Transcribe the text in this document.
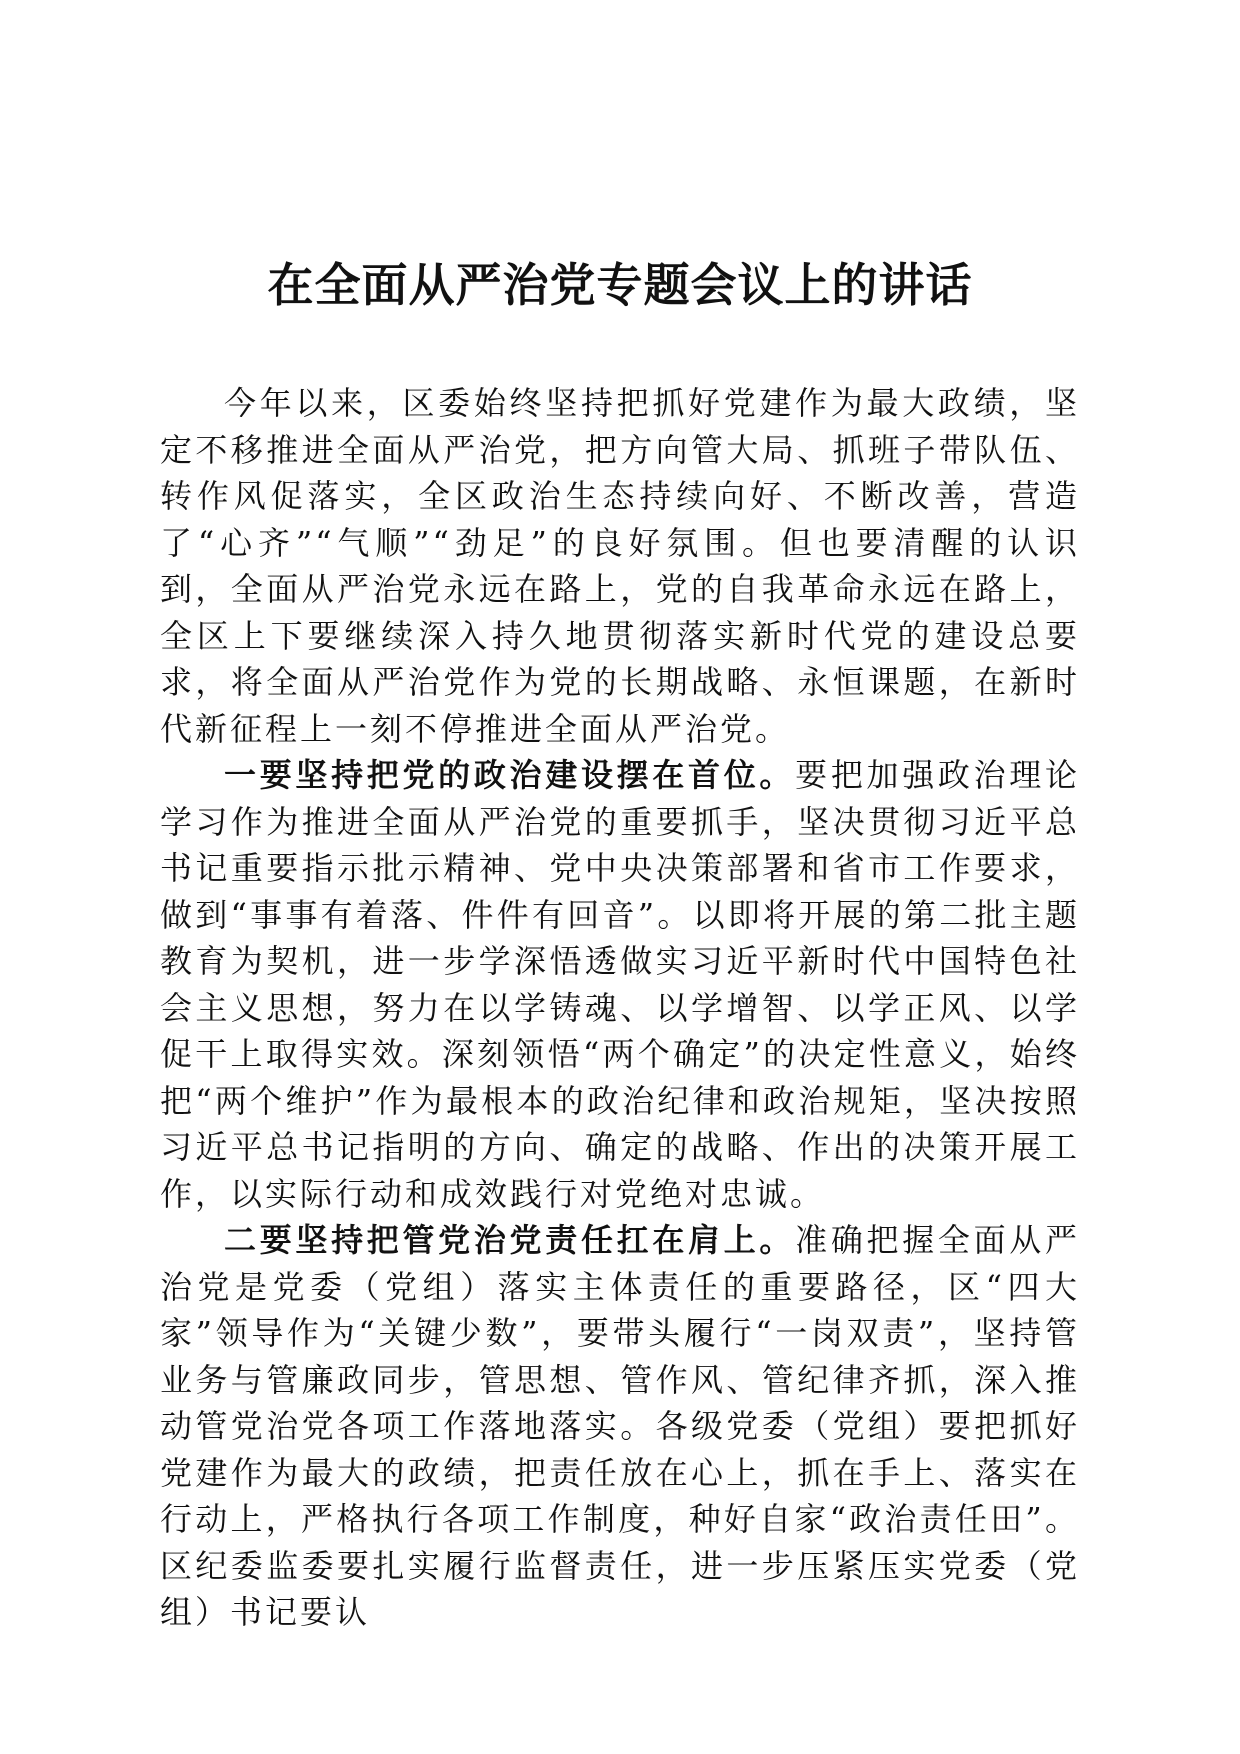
在全面从严治党专题会议上的讲话

今年以来，区委始终坚持把抓好党建作为最大政绩，坚定不移推进全面从严治党，把方向管大局、抓班子带队伍、转作风促落实，全区政治生态持续向好、不断改善，营造了“心齐”“气顺”“劲足”的良好氛围。但也要清醒的认识到，全面从严治党永远在路上，党的自我革命永远在路上，全区上下要继续深入持久地贯彻落实新时代党的建设总要求，将全面从严治党作为党的长期战略、永恒课题，在新时代新征程上一刻不停推进全面从严治党。

一要坚持把党的政治建设摆在首位。要把加强政治理论学习作为推进全面从严治党的重要抓手，坚决贯彻习近平总书记重要指示批示精神、党中央决策部署和省市工作要求，做到“事事有着落、件件有回音”。以即将开展的第二批主题教育为契机，进一步学深悟透做实习近平新时代中国特色社会主义思想，努力在以学铸魂、以学增智、以学正风、以学促干上取得实效。深刻领悟“两个确定”的决定性意义，始终把“两个维护”作为最根本的政治纪律和政治规矩，坚决按照习近平总书记指明的方向、确定的战略、作出的决策开展工作，以实际行动和成效践行对党绝对忠诚。

二要坚持把管党治党责任扛在肩上。准确把握全面从严治党是党委（党组）落实主体责任的重要路径，区“四大家”领导作为“关键少数”，要带头履行“一岗双责”，坚持管业务与管廉政同步，管思想、管作风、管纪律齐抓，深入推动管党治党各项工作落地落实。各级党委（党组）要把抓好党建作为最大的政绩，把责任放在心上，抓在手上、落实在行动上，严格执行各项工作制度，种好自家“政治责任田”。区纪委监委要扎实履行监督责任，进一步压紧压实党委（党组）书记要认
